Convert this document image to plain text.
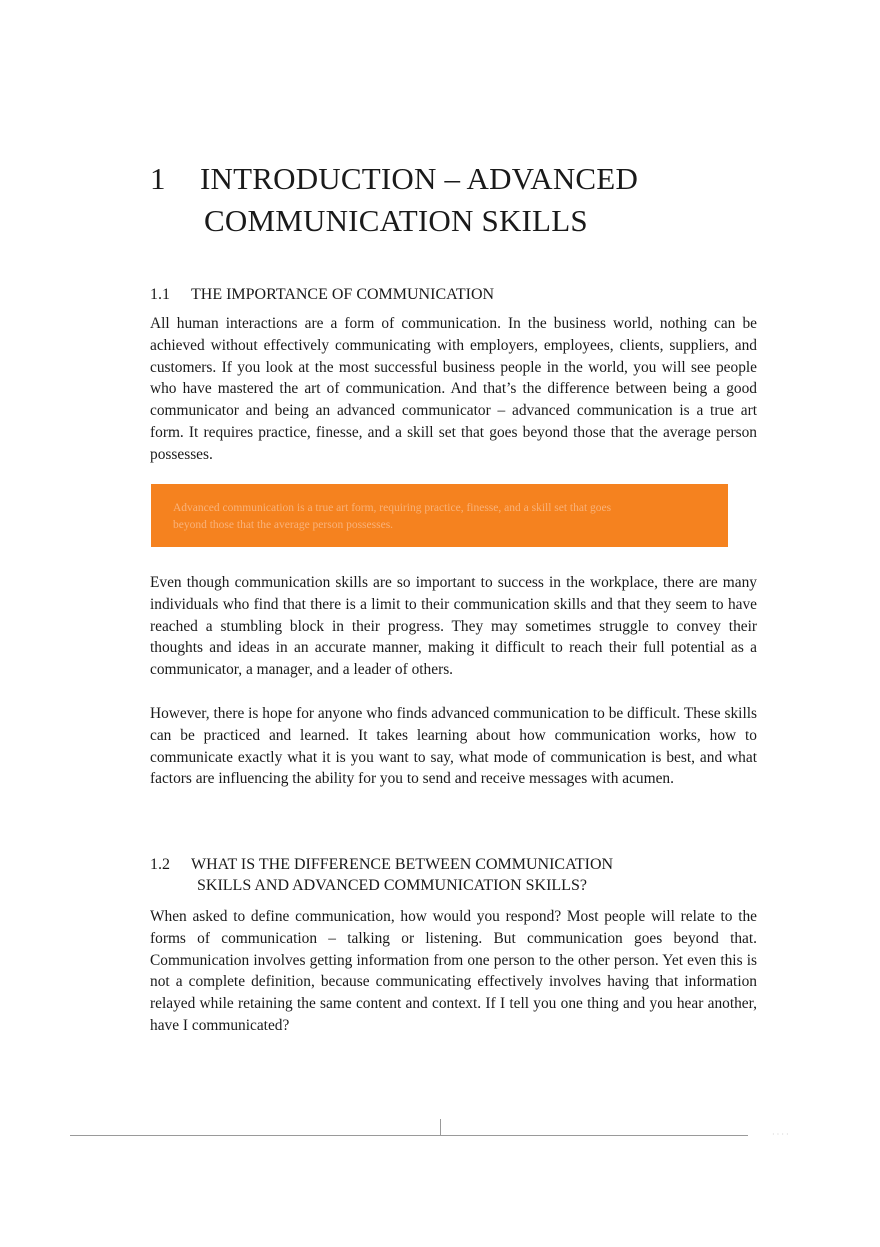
1 INTRODUCTION – ADVANCED
COMMUNICATION SKILLS
1.1 THE IMPORTANCE OF COMMUNICATION

All human interactions are a form of communication. In the business world, nothing can be achieved without effectively communicating with employers, employees, clients, suppliers, and customers. If you look at the most successful business people in the world, you will see people who have mastered the art of communication. And that’s the difference between being a good communicator and being an advanced communicator – advanced communication is a true art form. It requires practice, finesse, and a skill set that goes beyond those that the average person possesses.

Advanced communication is a true art form, requiring practice, finesse, and a skill set that goes beyond those that the average person possesses.

Even though communication skills are so important to success in the workplace, there are many individuals who find that there is a limit to their communication skills and that they seem to have reached a stumbling block in their progress. They may sometimes struggle to convey their thoughts and ideas in an accurate manner, making it difficult to reach their full potential as a communicator, a manager, and a leader of others.

However, there is hope for anyone who finds advanced communication to be difficult. These skills can be practiced and learned. It takes learning about how communication works, how to communicate exactly what it is you want to say, what mode of communication is best, and what factors are influencing the ability for you to send and receive messages with acumen.

1.2 WHAT IS THE DIFFERENCE BETWEEN COMMUNICATION
SKILLS AND ADVANCED COMMUNICATION SKILLS?

When asked to define communication, how would you respond? Most people will relate to the forms of communication – talking or listening. But communication goes beyond that. Communication involves getting information from one person to the other person. Yet even this is not a complete definition, because communicating effectively involves having that information relayed while retaining the same content and context. If I tell you one thing and you hear another, have I communicated?

· · · ·
